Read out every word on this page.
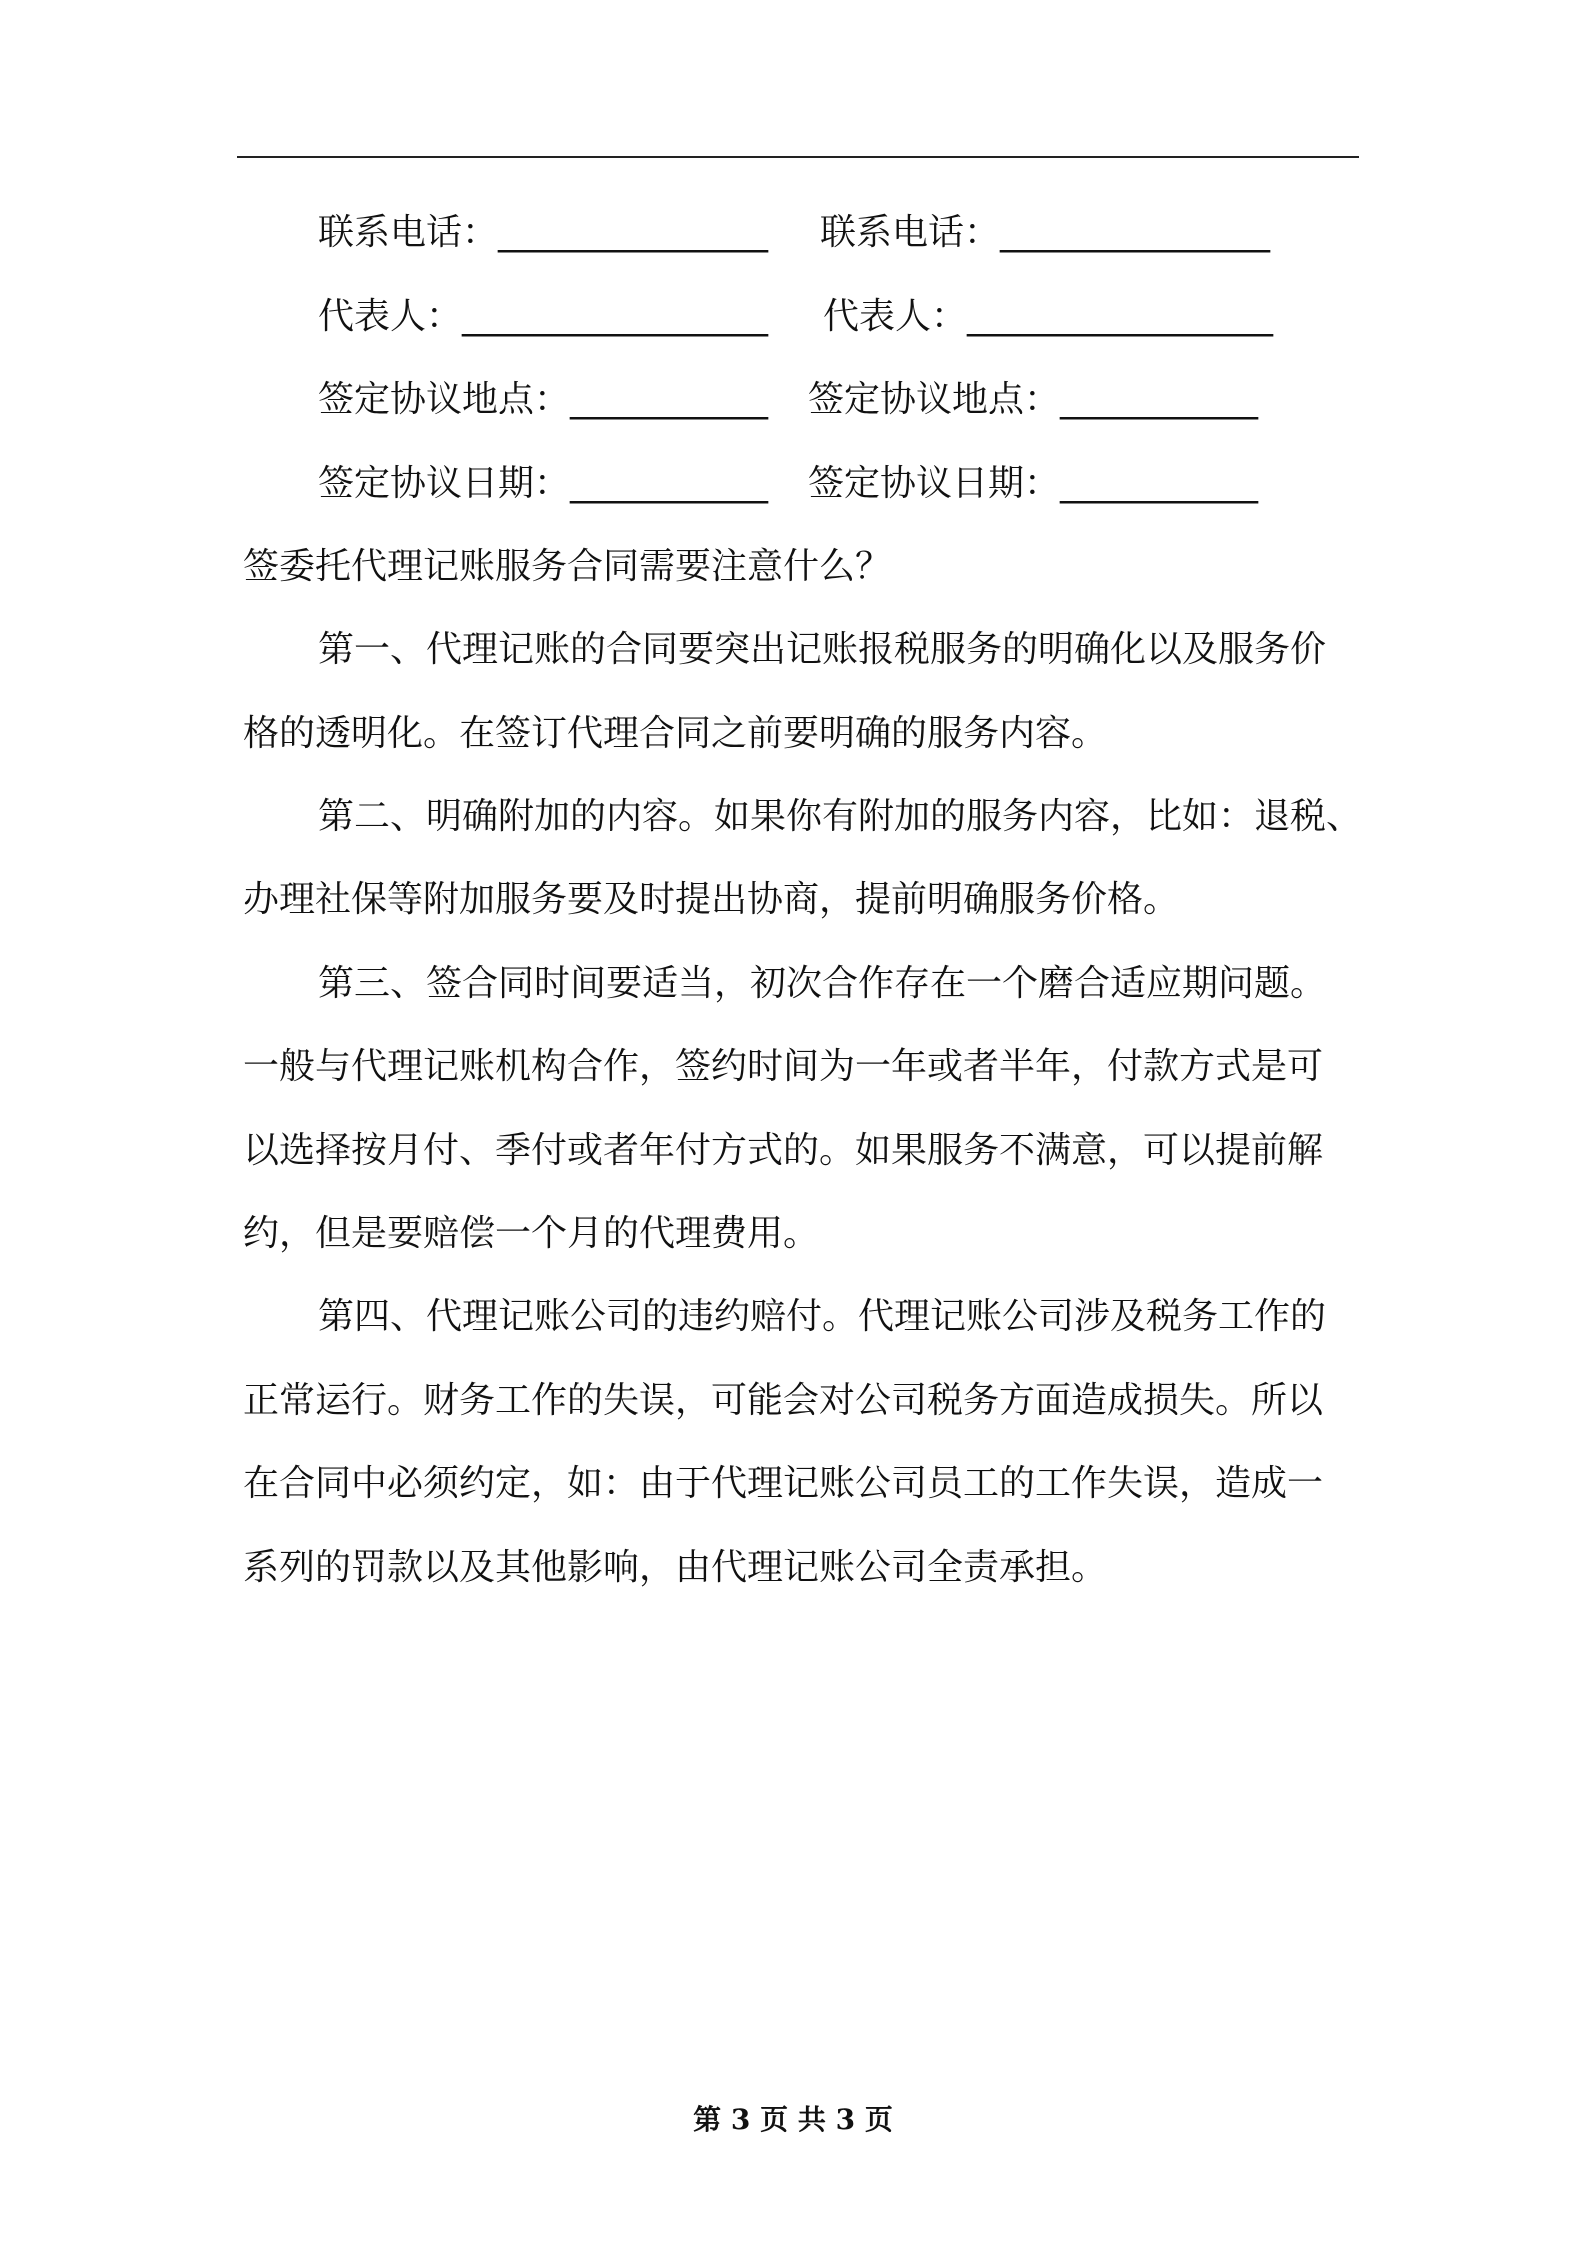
联系电话：_______________ 联系电话：_______________
代表人：_________________ 代表人：_________________
签定协议地点：___________ 签定协议地点：___________
签定协议日期：___________ 签定协议日期：___________
签委托代理记账服务合同需要注意什么？
第一、代理记账的合同要突出记账报税服务的明确化以及服务价
格的透明化。在签订代理合同之前要明确的服务内容。
第二、明确附加的内容。如果你有附加的服务内容，比如：退税、
办理社保等附加服务要及时提出协商，提前明确服务价格。
第三、签合同时间要适当，初次合作存在一个磨合适应期问题。
一般与代理记账机构合作，签约时间为一年或者半年，付款方式是可
以选择按月付、季付或者年付方式的。如果服务不满意，可以提前解
约，但是要赔偿一个月的代理费用。
第四、代理记账公司的违约赔付。代理记账公司涉及税务工作的
正常运行。财务工作的失误，可能会对公司税务方面造成损失。所以
在合同中必须约定，如：由于代理记账公司员工的工作失误，造成一
系列的罚款以及其他影响，由代理记账公司全责承担。
第 3 页 共 3 页
